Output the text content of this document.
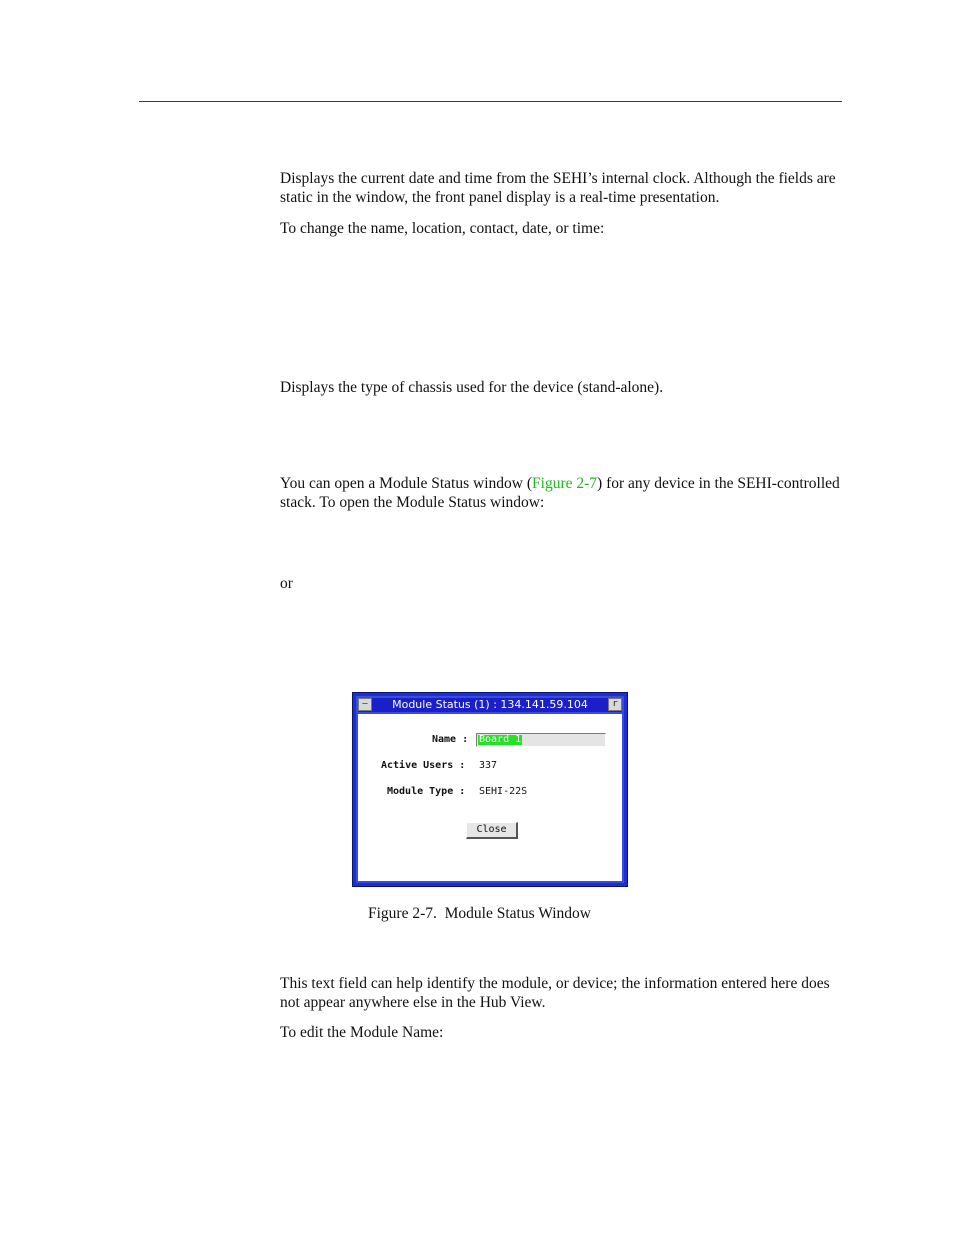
Displays the current date and time from the SEHI’s internal clock. Although the fields are static in the window, the front panel display is a real-time presentation.

To change the name, location, contact, date, or time:

Displays the type of chassis used for the device (stand-alone).

You can open a Module Status window (Figure 2-7) for any device in the SEHI-controlled stack. To open the Module Status window:

or

—	Module Status (1) : 134.141.59.104	r
Name : Board 1
Active Users : 337
Module Type : SEHI-22S
Close
Figure 2-7.  Module Status Window

This text field can help identify the module, or device; the information entered here does not appear anywhere else in the Hub View.

To edit the Module Name:
